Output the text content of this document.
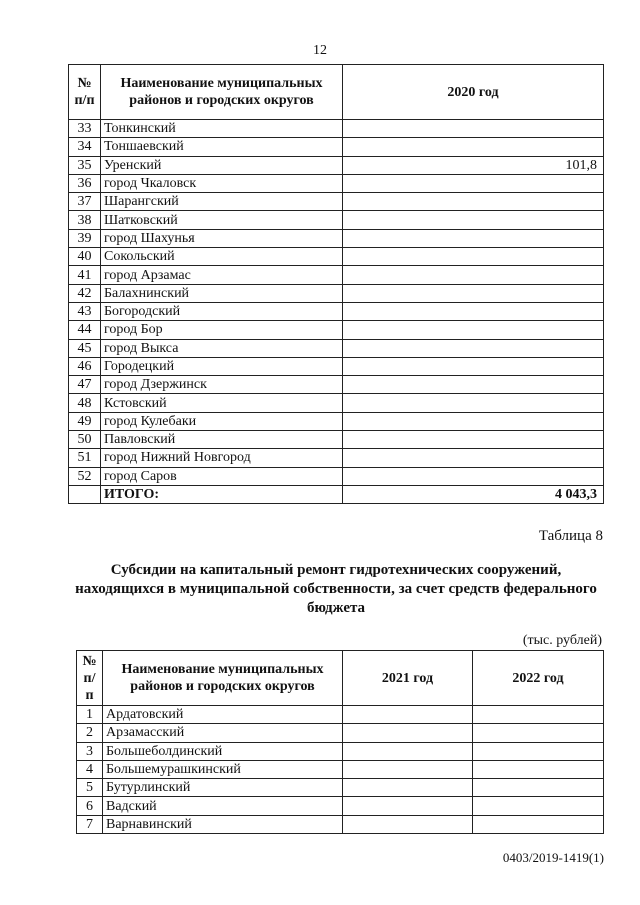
12
№ п/п	Наименование муниципальных районов и городских округов	2020 год
33	Тонкинский	
34	Тоншаевский	
35	Уренский	101,8
36	город Чкаловск	
37	Шарангский	
38	Шатковский	
39	город Шахунья	
40	Сокольский	
41	город Арзамас	
42	Балахнинский	
43	Богородский	
44	город Бор	
45	город Выкса	
46	Городецкий	
47	город Дзержинск	
48	Кстовский	
49	город Кулебаки	
50	Павловский	
51	город Нижний Новгород	
52	город Саров	
	ИТОГО:	4 043,3
Таблица 8
Субсидии на капитальный ремонт гидротехнических сооружений, находящихся в муниципальной собственности, за счет средств федерального бюджета
(тыс. рублей)
№ п/п	Наименование муниципальных районов и городских округов	2021 год	2022 год
1	Ардатовский		
2	Арзамасский		
3	Большеболдинский		
4	Большемурашкинский		
5	Бутурлинский		
6	Вадский		
7	Варнавинский		
0403/2019-1419(1)
